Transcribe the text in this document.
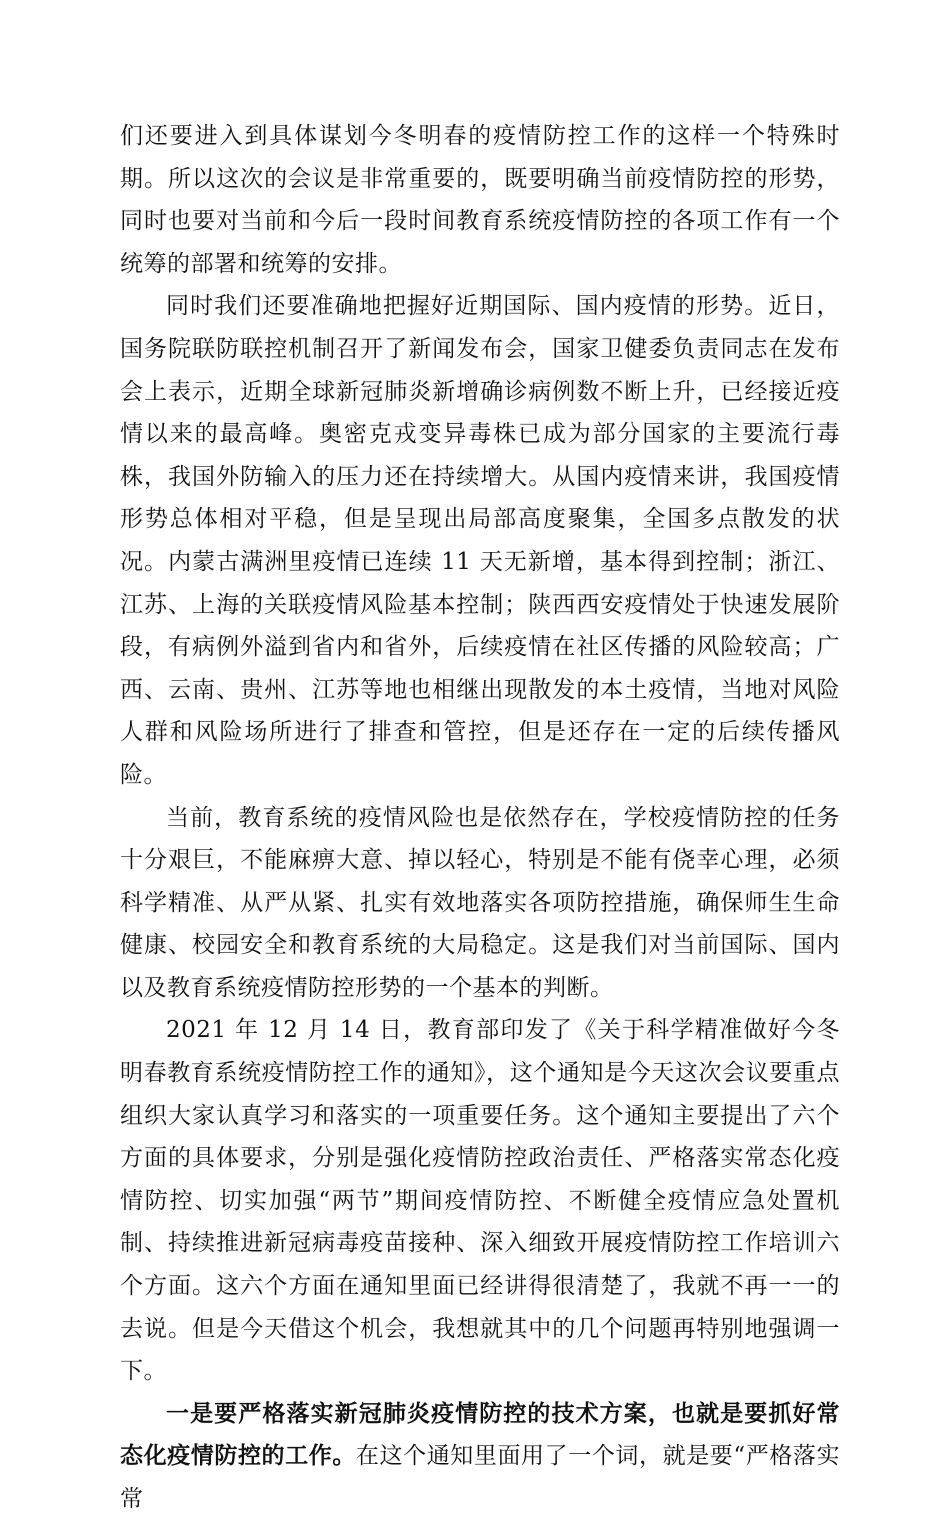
们还要进入到具体谋划今冬明春的疫情防控工作的这样一个特殊时期。所以这次的会议是非常重要的，既要明确当前疫情防控的形势，同时也要对当前和今后一段时间教育系统疫情防控的各项工作有一个统筹的部署和统筹的安排。

同时我们还要准确地把握好近期国际、国内疫情的形势。近日，国务院联防联控机制召开了新闻发布会，国家卫健委负责同志在发布会上表示，近期全球新冠肺炎新增确诊病例数不断上升，已经接近疫情以来的最高峰。奥密克戎变异毒株已成为部分国家的主要流行毒株，我国外防输入的压力还在持续增大。从国内疫情来讲，我国疫情形势总体相对平稳，但是呈现出局部高度聚集，全国多点散发的状况。内蒙古满洲里疫情已连续 11 天无新增，基本得到控制；浙江、江苏、上海的关联疫情风险基本控制；陕西西安疫情处于快速发展阶段，有病例外溢到省内和省外，后续疫情在社区传播的风险较高；广西、云南、贵州、江苏等地也相继出现散发的本土疫情，当地对风险人群和风险场所进行了排查和管控，但是还存在一定的后续传播风险。

当前，教育系统的疫情风险也是依然存在，学校疫情防控的任务十分艰巨，不能麻痹大意、掉以轻心，特别是不能有侥幸心理，必须科学精准、从严从紧、扎实有效地落实各项防控措施，确保师生生命健康、校园安全和教育系统的大局稳定。这是我们对当前国际、国内以及教育系统疫情防控形势的一个基本的判断。

2021 年 12 月 14 日，教育部印发了《关于科学精准做好今冬明春教育系统疫情防控工作的通知》，这个通知是今天这次会议要重点组织大家认真学习和落实的一项重要任务。这个通知主要提出了六个方面的具体要求，分别是强化疫情防控政治责任、严格落实常态化疫情防控、切实加强“两节”期间疫情防控、不断健全疫情应急处置机制、持续推进新冠病毒疫苗接种、深入细致开展疫情防控工作培训六个方面。这六个方面在通知里面已经讲得很清楚了，我就不再一一的去说。但是今天借这个机会，我想就其中的几个问题再特别地强调一下。

一是要严格落实新冠肺炎疫情防控的技术方案，也就是要抓好常态化疫情防控的工作。在这个通知里面用了一个词，就是要“严格落实常
